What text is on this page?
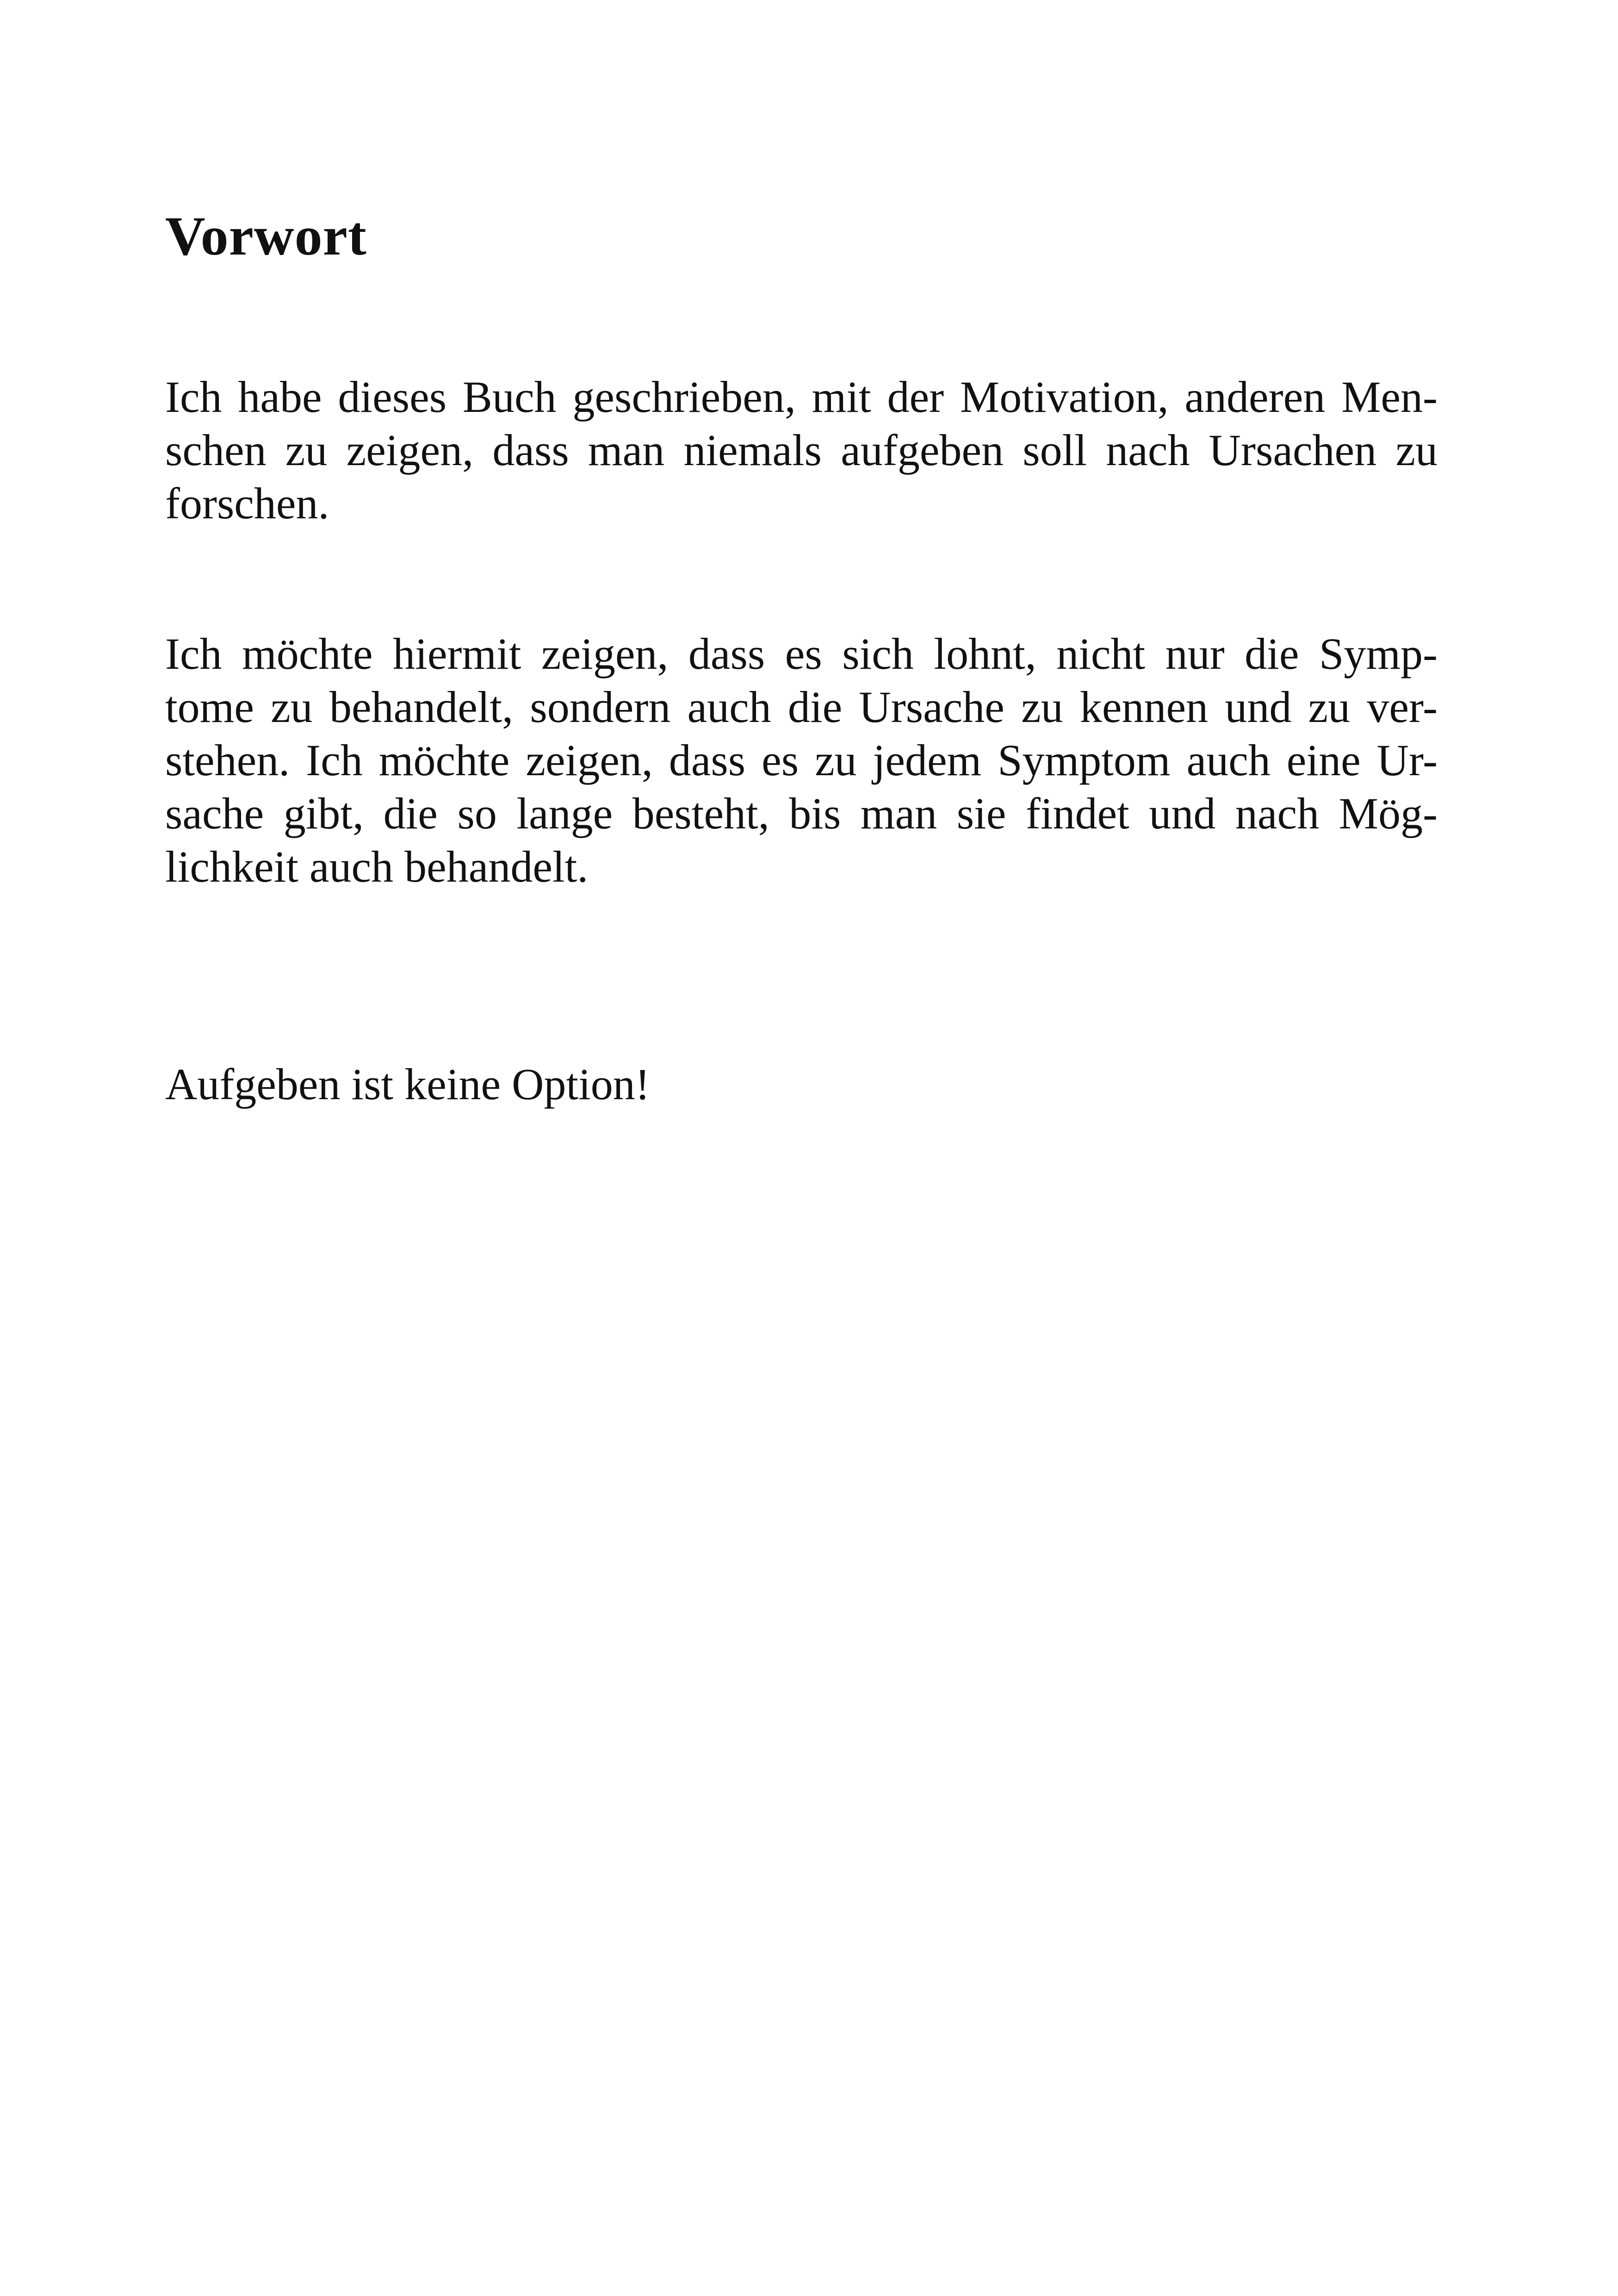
Vorwort

Ich habe dieses Buch geschrieben, mit der Motivation, anderen Men-
schen zu zeigen, dass man niemals aufgeben soll nach Ursachen zu
forschen.

Ich möchte hiermit zeigen, dass es sich lohnt, nicht nur die Symp-
tome zu behandelt, sondern auch die Ursache zu kennen und zu ver-
stehen. Ich möchte zeigen, dass es zu jedem Symptom auch eine Ur-
sache gibt, die so lange besteht, bis man sie findet und nach Mög-
lichkeit auch behandelt.

Aufgeben ist keine Option!
